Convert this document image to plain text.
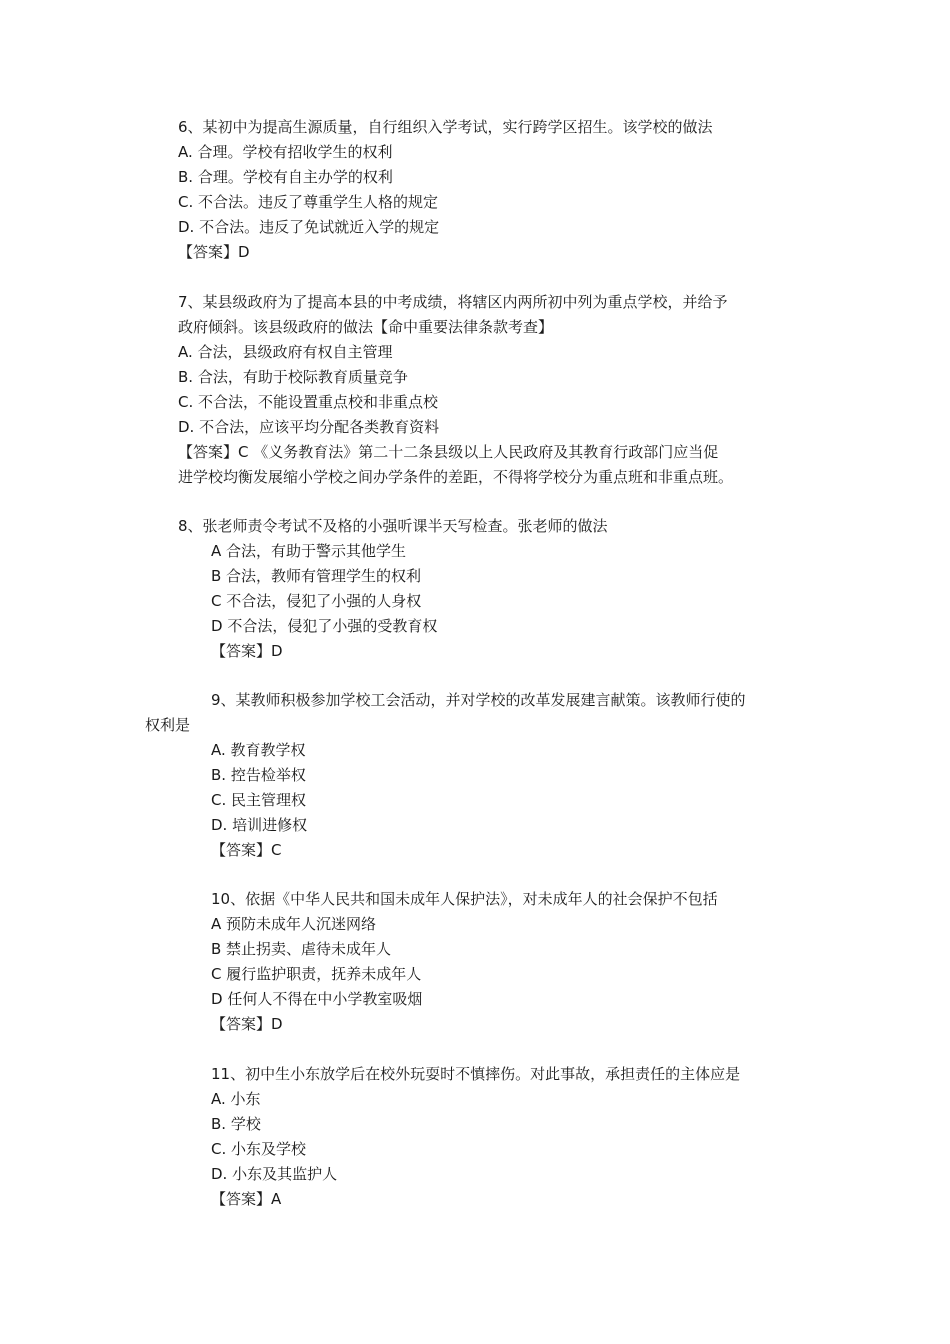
6、某初中为提高生源质量，自行组织入学考试，实行跨学区招生。该学校的做法
A. 合理。学校有招收学生的权利
B. 合理。学校有自主办学的权利
C. 不合法。违反了尊重学生人格的规定
D. 不合法。违反了免试就近入学的规定
【答案】D
7、某县级政府为了提高本县的中考成绩，将辖区内两所初中列为重点学校，并给予
政府倾斜。该县级政府的做法【命中重要法律条款考查】
A. 合法，县级政府有权自主管理
B. 合法，有助于校际教育质量竞争
C. 不合法，不能设置重点校和非重点校
D. 不合法，应该平均分配各类教育资料
【答案】C 《义务教育法》第二十二条县级以上人民政府及其教育行政部门应当促
进学校均衡发展缩小学校之间办学条件的差距，不得将学校分为重点班和非重点班。
8、张老师责令考试不及格的小强听课半天写检查。张老师的做法
A 合法，有助于警示其他学生
B 合法，教师有管理学生的权利
C 不合法，侵犯了小强的人身权
D 不合法，侵犯了小强的受教育权
【答案】D
9、某教师积极参加学校工会活动，并对学校的改革发展建言献策。该教师行使的
权利是
A. 教育教学权
B. 控告检举权
C. 民主管理权
D. 培训进修权
【答案】C
10、依据《中华人民共和国未成年人保护法》，对未成年人的社会保护不包括
A 预防未成年人沉迷网络
B 禁止拐卖、虐待未成年人
C 履行监护职责，抚养未成年人
D 任何人不得在中小学教室吸烟
【答案】D
11、初中生小东放学后在校外玩耍时不慎摔伤。对此事故，承担责任的主体应是
A. 小东
B. 学校
C. 小东及学校
D. 小东及其监护人
【答案】A
